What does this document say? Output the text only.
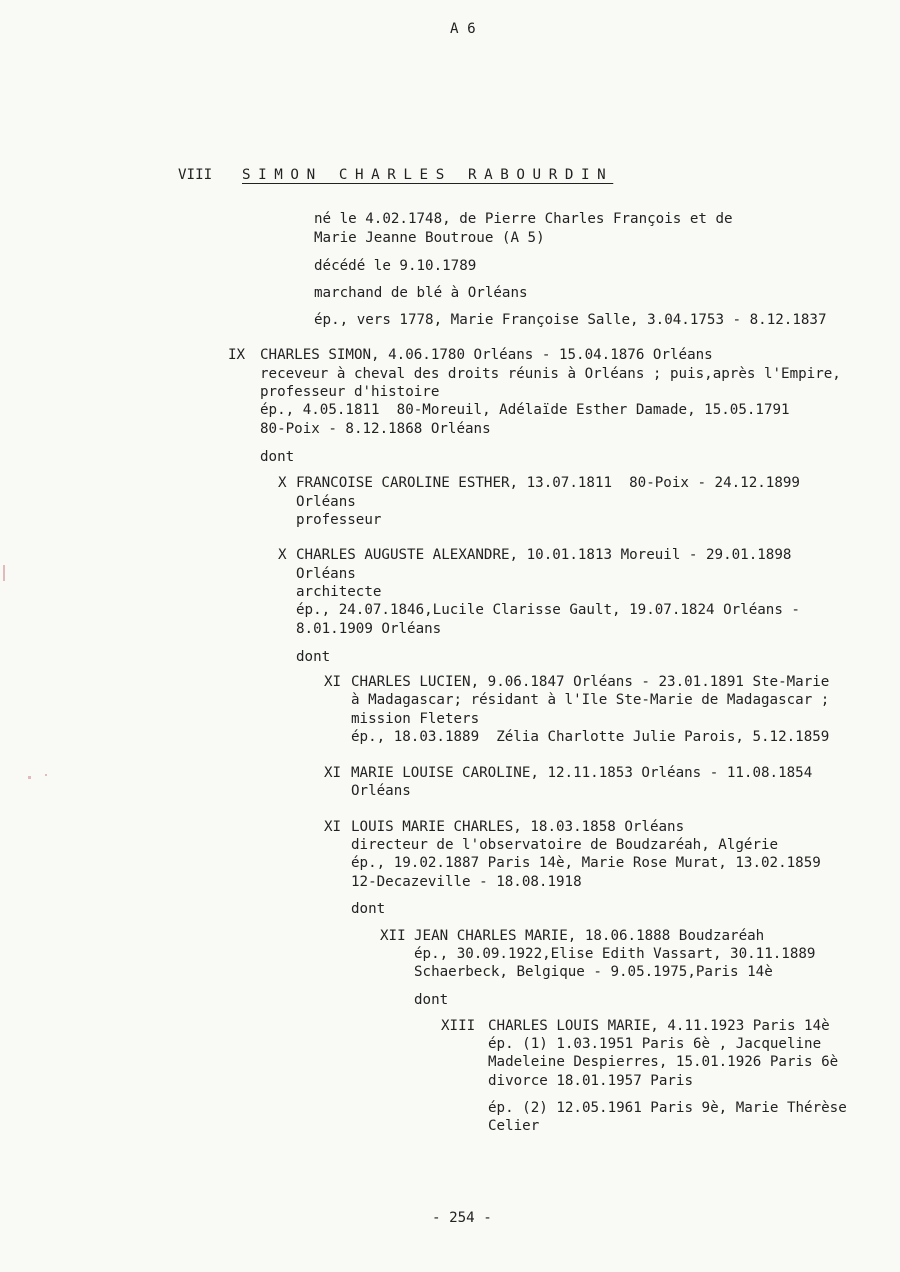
A 6
VIII SIMON CHARLES RABOURDIN
né le 4.02.1748, de Pierre Charles François et de
Marie Jeanne Boutroue (A 5)
décédé le 9.10.1789
marchand de blé à Orléans
ép., vers 1778, Marie Françoise Salle, 3.04.1753 - 8.12.1837
IX CHARLES SIMON, 4.06.1780 Orléans - 15.04.1876 Orléans
receveur à cheval des droits réunis à Orléans ; puis,après l'Empire,
professeur d'histoire
ép., 4.05.1811  80-Moreuil, Adélaïde Esther Damade, 15.05.1791
80-Poix - 8.12.1868 Orléans
dont
X FRANCOISE CAROLINE ESTHER, 13.07.1811  80-Poix - 24.12.1899
Orléans
professeur
X CHARLES AUGUSTE ALEXANDRE, 10.01.1813 Moreuil - 29.01.1898
Orléans
architecte
ép., 24.07.1846,Lucile Clarisse Gault, 19.07.1824 Orléans -
8.01.1909 Orléans
dont
XI CHARLES LUCIEN, 9.06.1847 Orléans - 23.01.1891 Ste-Marie
à Madagascar; résidant à l'Ile Ste-Marie de Madagascar ;
mission Fleters
ép., 18.03.1889  Zélia Charlotte Julie Parois, 5.12.1859
XI MARIE LOUISE CAROLINE, 12.11.1853 Orléans - 11.08.1854
Orléans
XI LOUIS MARIE CHARLES, 18.03.1858 Orléans
directeur de l'observatoire de Boudzaréah, Algérie
ép., 19.02.1887 Paris 14è, Marie Rose Murat, 13.02.1859
12-Decazeville - 18.08.1918
dont
XII JEAN CHARLES MARIE, 18.06.1888 Boudzaréah
ép., 30.09.1922,Elise Edith Vassart, 30.11.1889
Schaerbeck, Belgique - 9.05.1975,Paris 14è
dont
XIII CHARLES LOUIS MARIE, 4.11.1923 Paris 14è
ép. (1) 1.03.1951 Paris 6è , Jacqueline
Madeleine Despierres, 15.01.1926 Paris 6è
divorce 18.01.1957 Paris
ép. (2) 12.05.1961 Paris 9è, Marie Thérèse
Celier
- 254 -
